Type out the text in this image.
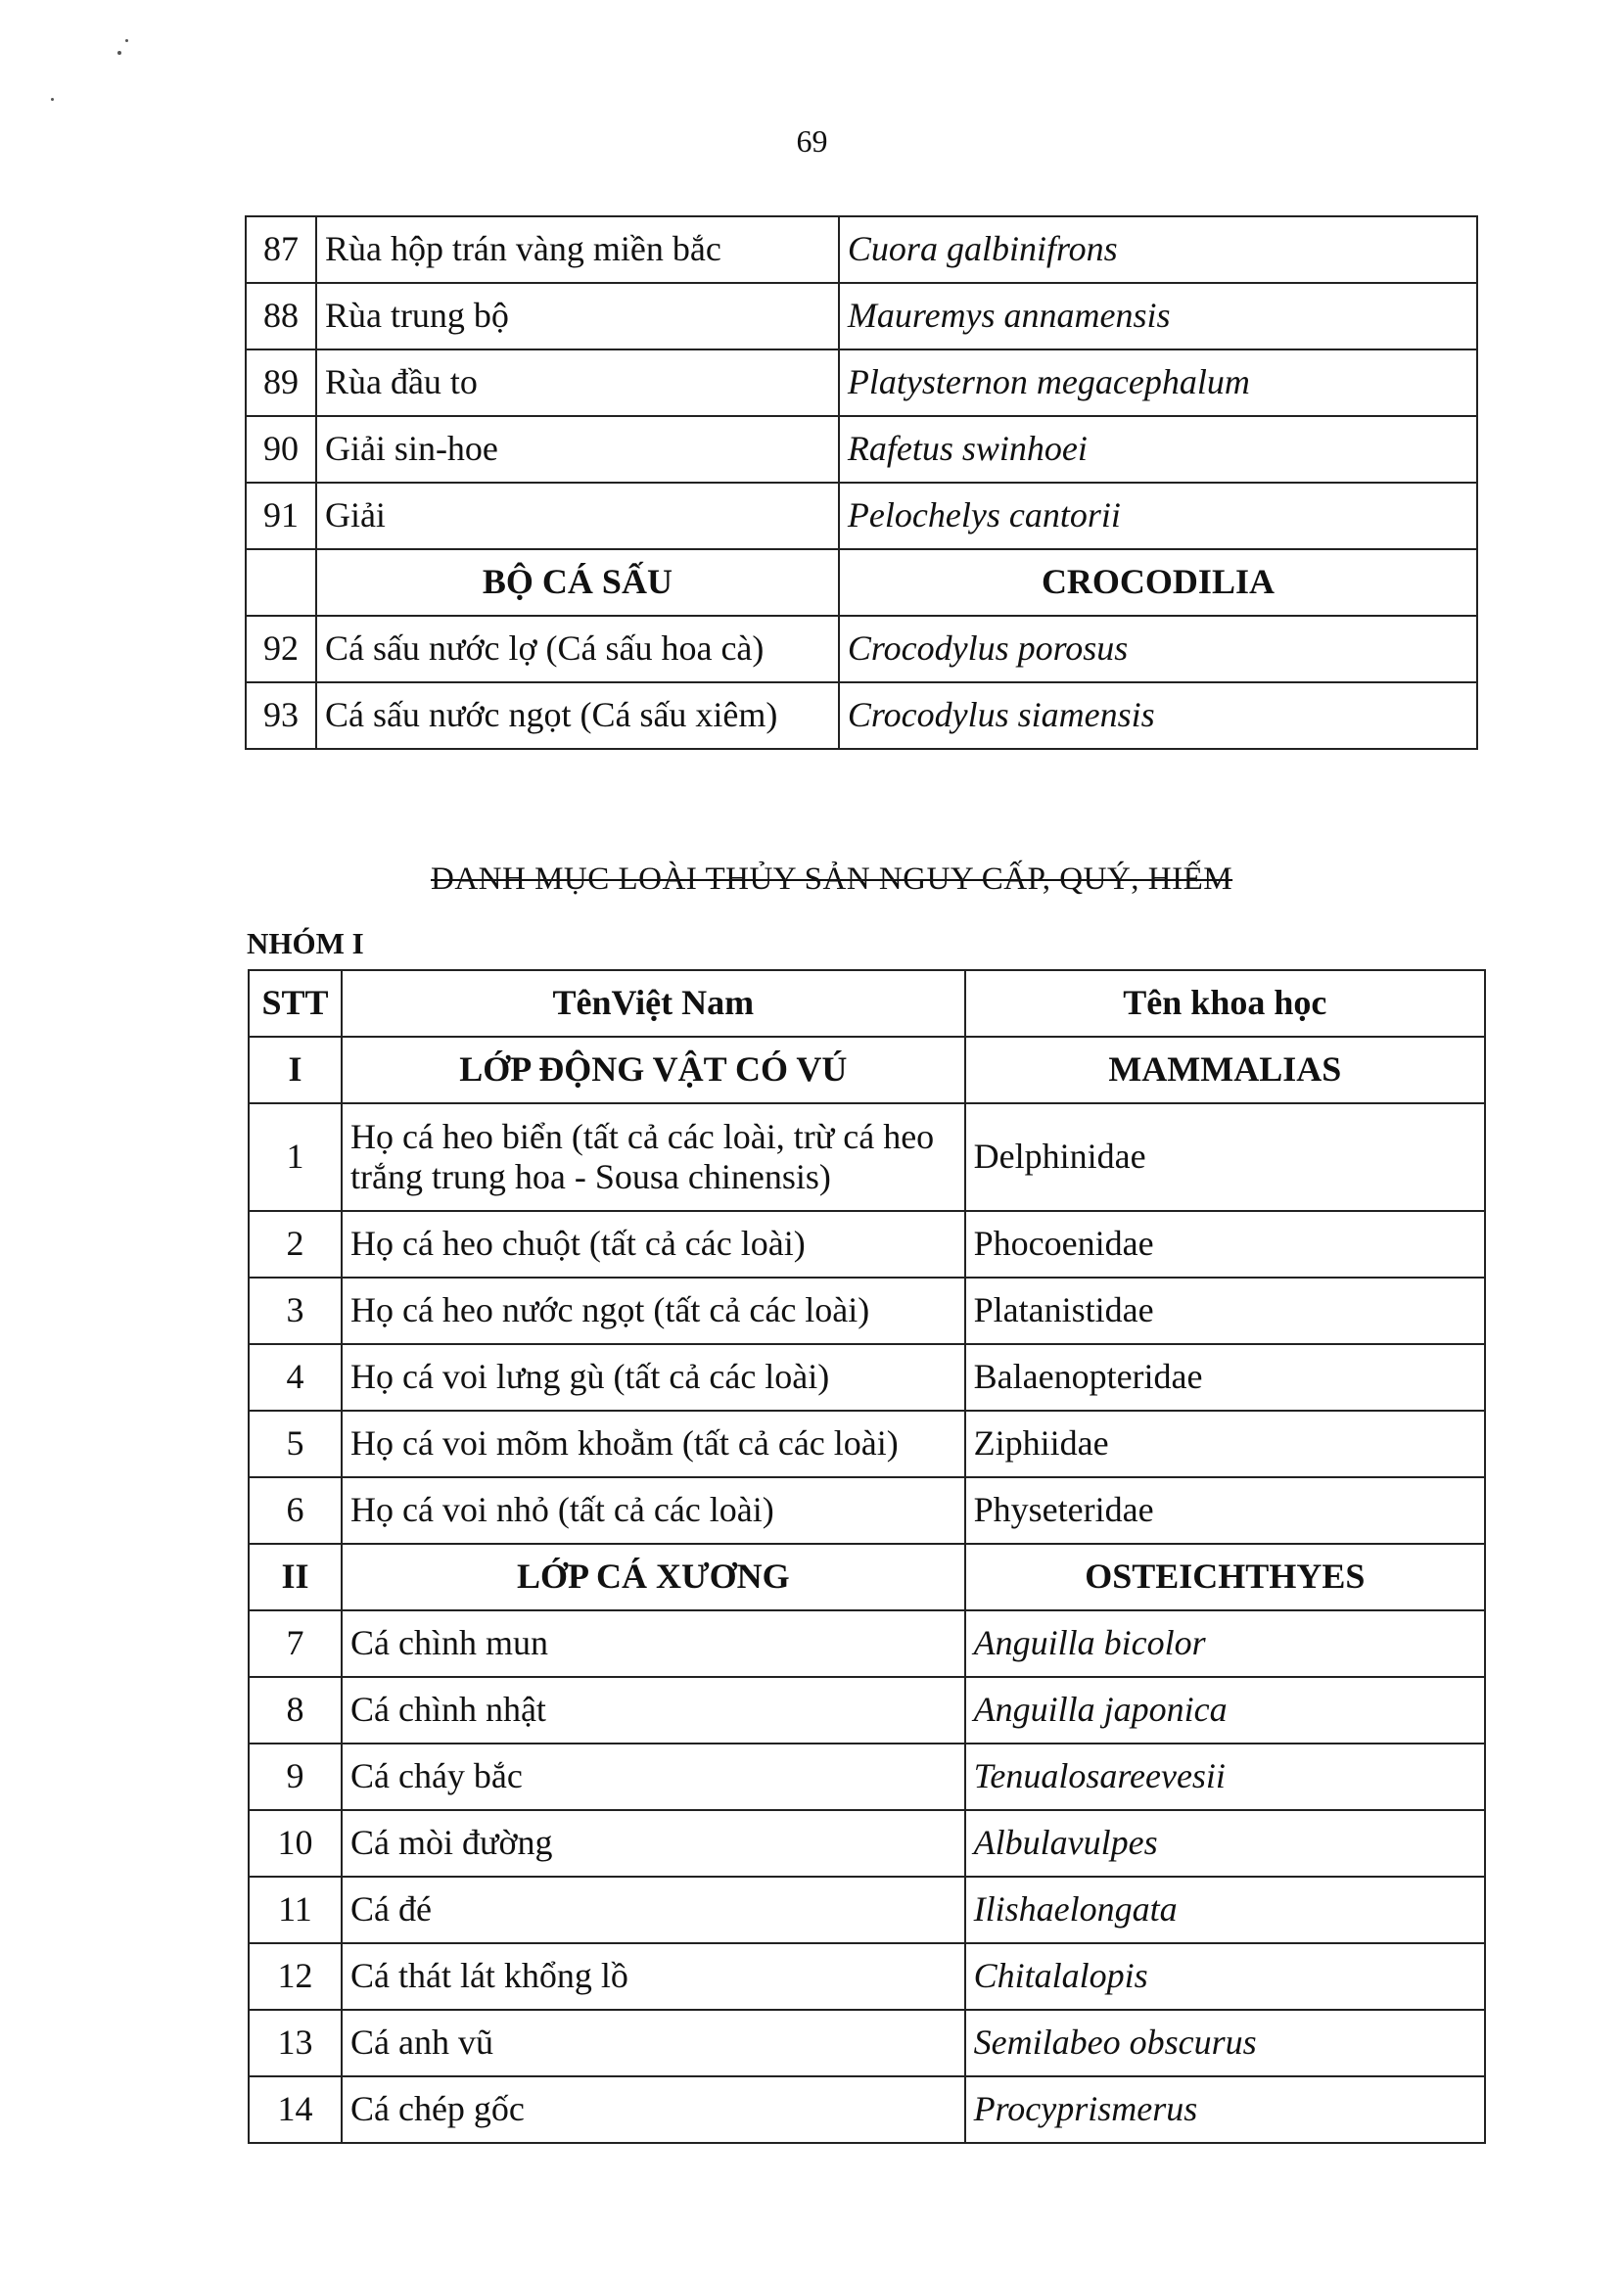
69
87	Rùa hộp trán vàng miền bắc	Cuora galbinifrons
88	Rùa trung bộ	Mauremys annamensis
89	Rùa đầu to	Platysternon megacephalum
90	Giải sin-hoe	Rafetus swinhoei
91	Giải	Pelochelys cantorii
	BỘ CÁ SẤU	CROCODILIA
92	Cá sấu nước lợ (Cá sấu hoa cà)	Crocodylus porosus
93	Cá sấu nước ngọt (Cá sấu xiêm)	Crocodylus siamensis
DANH MỤC LOÀI THỦY SẢN NGUY CẤP, QUÝ, HIẾM
NHÓM I
STT	TênViệt Nam	Tên khoa học
I	LỚP ĐỘNG VẬT CÓ VÚ	MAMMALIAS
1	Họ cá heo biển (tất cả các loài, trừ cá heo trắng trung hoa - Sousa chinensis)	Delphinidae
2	Họ cá heo chuột (tất cả các loài)	Phocoenidae
3	Họ cá heo nước ngọt (tất cả các loài)	Platanistidae
4	Họ cá voi lưng gù (tất cả các loài)	Balaenopteridae
5	Họ cá voi mõm khoằm (tất cả các loài)	Ziphiidae
6	Họ cá voi nhỏ (tất cả các loài)	Physeteridae
II	LỚP CÁ XƯƠNG	OSTEICHTHYES
7	Cá chình mun	Anguilla bicolor
8	Cá chình nhật	Anguilla japonica
9	Cá cháy bắc	Tenualosareevesii
10	Cá mòi đường	Albulavulpes
11	Cá đé	Ilishaelongata
12	Cá thát lát khổng lồ	Chitalalopis
13	Cá anh vũ	Semilabeo obscurus
14	Cá chép gốc	Procyprismerus
